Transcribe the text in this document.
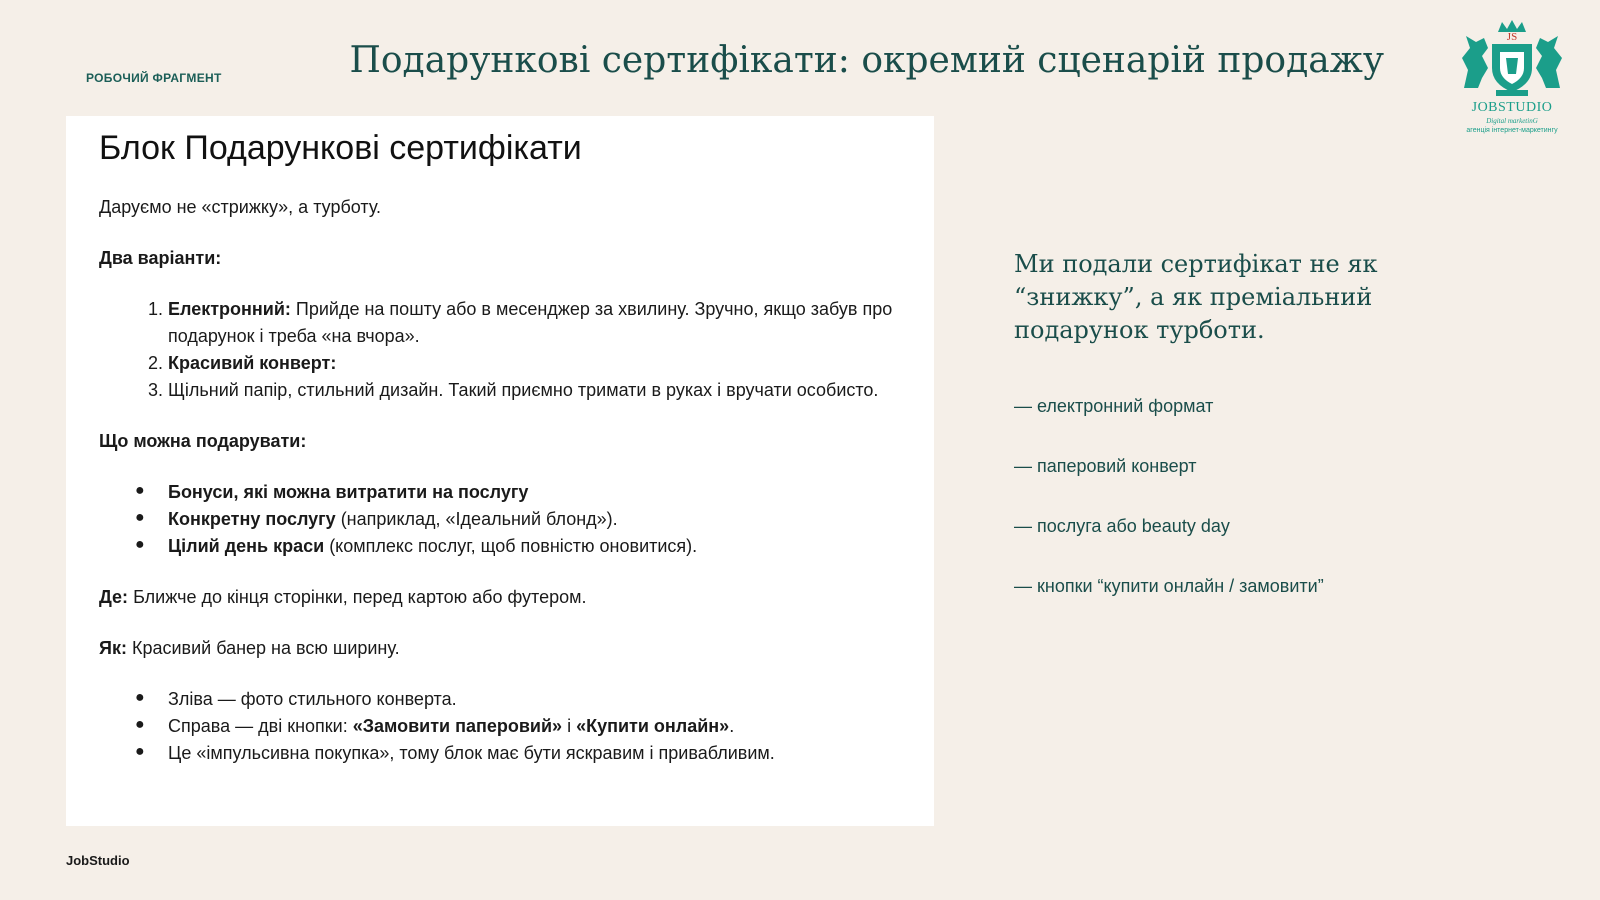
РОБОЧИЙ ФРАГМЕНТ	Подарункові сертифікати: окремий сценарій продажу
JS
JOBSTUDIO
Digital marketinG
агенція інтернет-маркетингу
Блок Подарункові сертифікати

Даруємо не «стрижку», а турботу.

Два варіанти:

1. Електронний: Прийде на пошту або в месенджер за хвилину. Зручно, якщо забув про подарунок і треба «на вчора».
2. Красивий конверт:
3. Щільний папір, стильний дизайн. Такий приємно тримати в руках і вручати особисто.

Що можна подарувати:

● Бонуси, які можна витратити на послугу
● Конкретну послугу (наприклад, «Ідеальний блонд»).
● Цілий день краси (комплекс послуг, щоб повністю оновитися).

Де: Ближче до кінця сторінки, перед картою або футером.

Як: Красивий банер на всю ширину.

● Зліва — фото стильного конверта.
● Справа — дві кнопки: «Замовити паперовий» і «Купити онлайн».
● Це «імпульсивна покупка», тому блок має бути яскравим і привабливим.

Ми подали сертифікат не як “знижку”, а як преміальний подарунок турботи.

— електронний формат
— паперовий конверт
— послуга або beauty day
— кнопки “купити онлайн / замовити”
JobStudio
